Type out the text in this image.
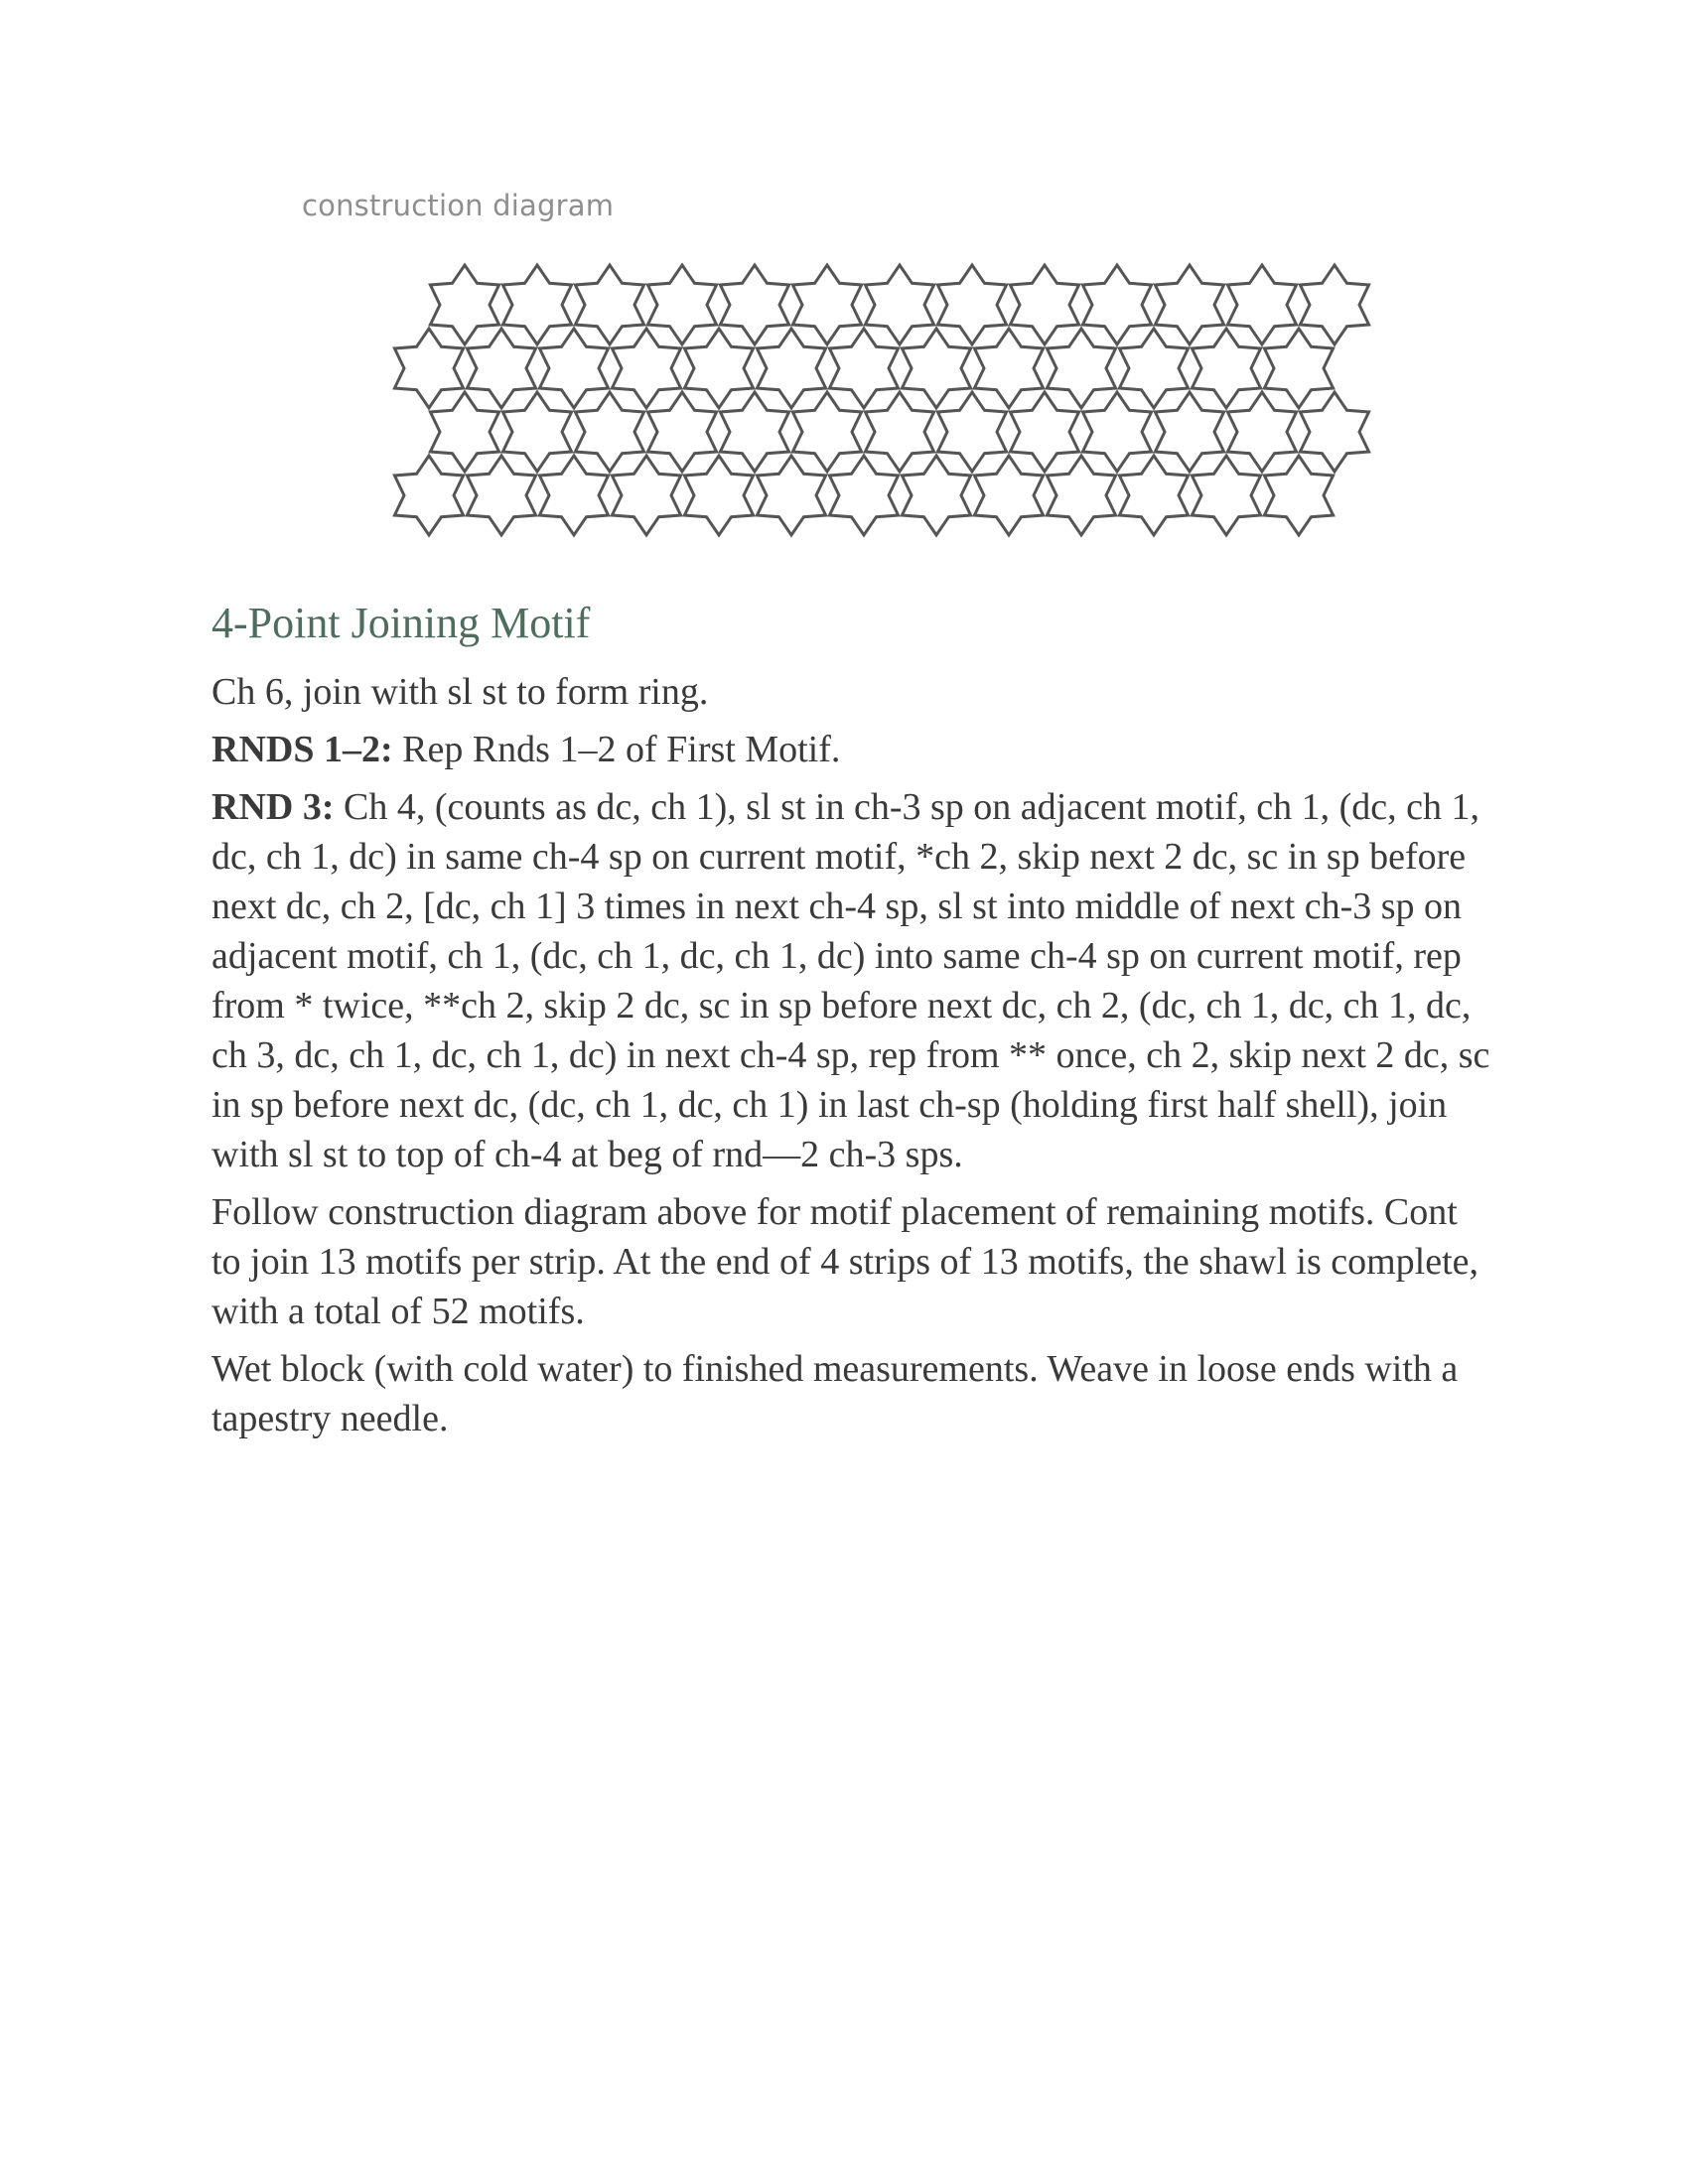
construction diagram
4-Point Joining Motif

Ch 6, join with sl st to form ring.

RNDS 1–2: Rep Rnds 1–2 of First Motif.

RND 3: Ch 4, (counts as dc, ch 1), sl st in ch-3 sp on adjacent motif, ch 1, (dc, ch 1, dc, ch 1, dc) in same ch-4 sp on current motif, *ch 2, skip next 2 dc, sc in sp before next dc, ch 2, [dc, ch 1] 3 times in next ch-4 sp, sl st into middle of next ch-3 sp on adjacent motif, ch 1, (dc, ch 1, dc, ch 1, dc) into same ch-4 sp on current motif, rep from * twice, **ch 2, skip 2 dc, sc in sp before next dc, ch 2, (dc, ch 1, dc, ch 1, dc, ch 3, dc, ch 1, dc, ch 1, dc) in next ch-4 sp, rep from ** once, ch 2, skip next 2 dc, sc in sp before next dc, (dc, ch 1, dc, ch 1) in last ch-sp (holding first half shell), join with sl st to top of ch-4 at beg of rnd—2 ch-3 sps.

Follow construction diagram above for motif placement of remaining motifs. Cont to join 13 motifs per strip. At the end of 4 strips of 13 motifs, the shawl is complete, with a total of 52 motifs.

Wet block (with cold water) to finished measurements. Weave in loose ends with a tapestry needle.
